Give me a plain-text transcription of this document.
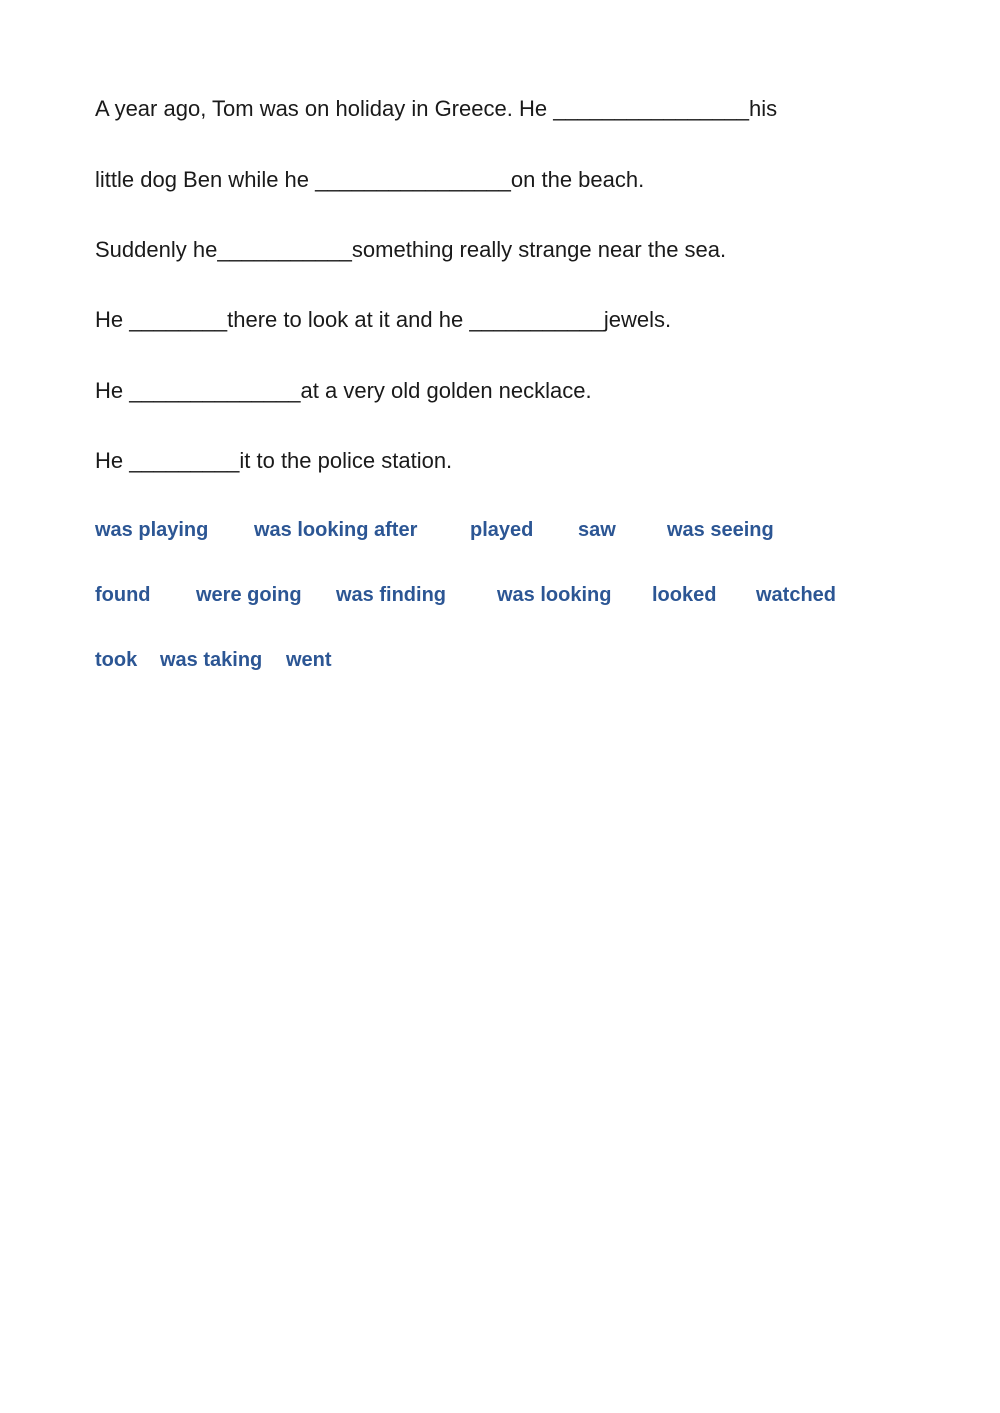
A year ago, Tom was on holiday in Greece. He ________________his
little dog Ben while he ________________on the beach.
Suddenly he___________something really strange near the sea.
He ________there to look at it and he ___________jewels.
He ______________at a very old golden necklace.
He _________it to the police station.
was playing was looking after	played saw	was seeing
found were going was finding	was looking looked watched
took was taking went
